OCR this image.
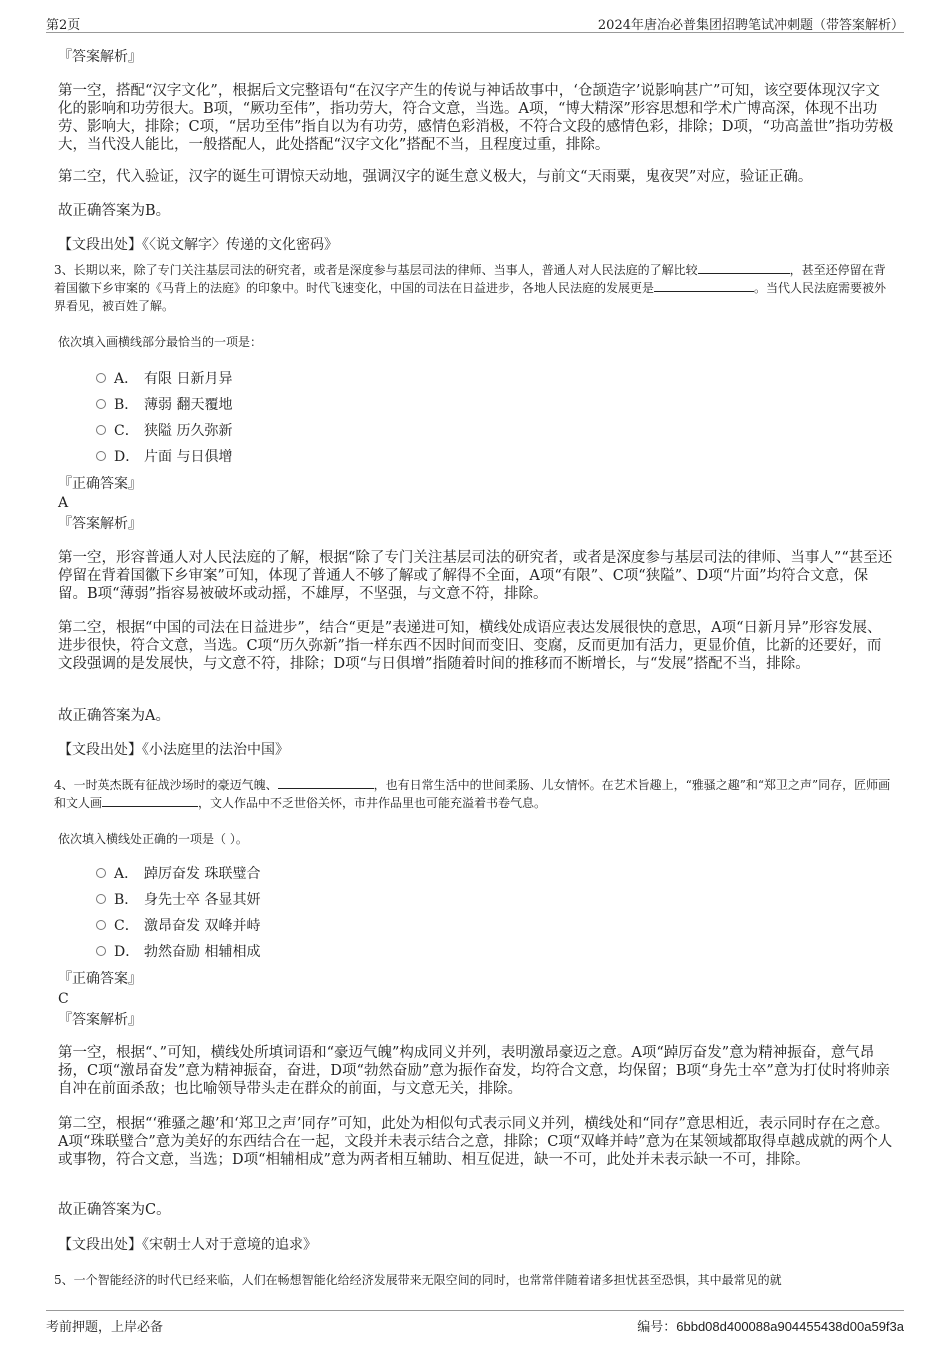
第2页	2024年唐冶必普集团招聘笔试冲刺题（带答案解析）
『答案解析』

第一空，搭配“汉字文化”，根据后文完整语句“在汉字产生的传说与神话故事中，‘仓颉造字’说影响甚广”可知，该空要体现汉字文化的影响和功劳很大。B项，“厥功至伟”，指功劳大，符合文意，当选。A项，“博大精深”形容思想和学术广博高深，体现不出功劳、影响大，排除；C项，“居功至伟”指自以为有功劳，感情色彩消极，不符合文段的感情色彩，排除；D项，“功高盖世”指功劳极大，当代没人能比，一般搭配人，此处搭配“汉字文化”搭配不当，且程度过重，排除。

第二空，代入验证，汉字的诞生可谓惊天动地，强调汉字的诞生意义极大，与前文“天雨粟，鬼夜哭”对应，验证正确。

故正确答案为B。

【文段出处】《〈说文解字〉传递的文化密码》

3、长期以来，除了专门关注基层司法的研究者，或者是深度参与基层司法的律师、当事人，普通人对人民法庭的了解比较	，甚至还停留在背着国徽下乡审案的《马背上的法庭》的印象中。时代飞速变化，中国的司法在日益进步，各地人民法庭的发展更是	。当代人民法庭需要被外界看见，被百姓了解。

依次填入画横线部分最恰当的一项是：

A． 有限 日新月异
B． 薄弱 翻天覆地
C． 狭隘 历久弥新
D． 片面 与日俱增
『正确答案』
A
『答案解析』

第一空，形容普通人对人民法庭的了解，根据“除了专门关注基层司法的研究者，或者是深度参与基层司法的律师、当事人”“甚至还停留在背着国徽下乡审案”可知，体现了普通人不够了解或了解得不全面，A项“有限”、C项“狭隘”、D项“片面”均符合文意，保留。B项“薄弱”指容易被破坏或动摇，不雄厚，不坚强，与文意不符，排除。

第二空，根据“中国的司法在日益进步”，结合“更是”表递进可知，横线处成语应表达发展很快的意思，A项“日新月异”形容发展、进步很快，符合文意，当选。C项“历久弥新”指一样东西不因时间而变旧、变腐，反而更加有活力，更显价值，比新的还要好，而文段强调的是发展快，与文意不符，排除；D项“与日俱增”指随着时间的推移而不断增长，与“发展”搭配不当，排除。

故正确答案为A。

【文段出处】《小法庭里的法治中国》

4、一时英杰既有征战沙场时的豪迈气魄、	，也有日常生活中的世间柔肠、儿女情怀。在艺术旨趣上，“雅骚之趣”和“郑卫之声”同存，匠师画和文人画	，文人作品中不乏世俗关怀，市井作品里也可能充溢着书卷气息。

依次填入横线处正确的一项是（ ）。

A． 踔厉奋发 珠联璧合
B． 身先士卒 各显其妍
C． 激昂奋发 双峰并峙
D． 勃然奋励 相辅相成
『正确答案』
C
『答案解析』

第一空，根据“、”可知，横线处所填词语和“豪迈气魄”构成同义并列，表明激昂豪迈之意。A项“踔厉奋发”意为精神振奋，意气昂扬，C项“激昂奋发”意为精神振奋，奋进，D项“勃然奋励”意为振作奋发，均符合文意，均保留；B项“身先士卒”意为打仗时将帅亲自冲在前面杀敌；也比喻领导带头走在群众的前面，与文意无关，排除。

第二空，根据“‘雅骚之趣’和‘郑卫之声’同存”可知，此处为相似句式表示同义并列，横线处和“同存”意思相近，表示同时存在之意。A项“珠联璧合”意为美好的东西结合在一起，文段并未表示结合之意，排除；C项“双峰并峙”意为在某领域都取得卓越成就的两个人或事物，符合文意，当选；D项“相辅相成”意为两者相互辅助、相互促进，缺一不可，此处并未表示缺一不可，排除。

故正确答案为C。

【文段出处】《宋朝士人对于意境的追求》

5、一个智能经济的时代已经来临，人们在畅想智能化给经济发展带来无限空间的同时，也常常伴随着诸多担忧甚至恐惧，其中最常见的就

考前押题，上岸必备	编号：6bbd08d400088a904455438d00a59f3a
